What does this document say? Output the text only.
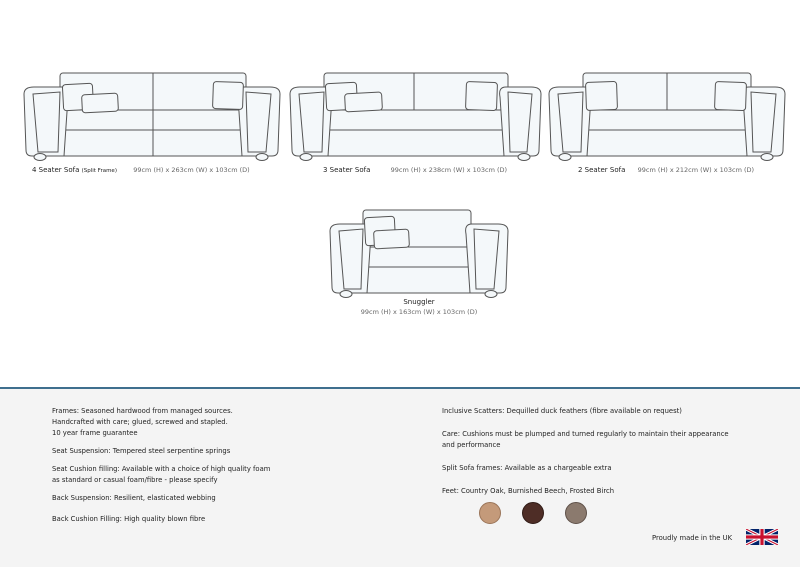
4 Seater Sofa (Split Frame) 99cm (H) x 263cm (W) x 103cm (D)	3 Seater Sofa	99cm (H) x 238cm (W) x 103cm (D)	2 Seater Sofa 99cm (H) x 212cm (W) x 103cm (D)
Snuggler
99cm (H) x 163cm (W) x 103cm (D)

Frames: Seasoned hardwood from managed sources.
Handcrafted with care; glued, screwed and stapled.
10 year frame guarantee

Seat Suspension: Tempered steel serpentine springs

Seat Cushion filling: Available with a choice of high quality foam
as standard or casual foam/fibre - please specify

Back Suspension: Resilient, elasticated webbing

Back Cushion Filling: High quality blown fibre

Inclusive Scatters: Dequilled duck feathers (fibre available on request)

Care: Cushions must be plumped and turned regularly to maintain their appearance
and performance

Split Sofa frames: Available as a chargeable extra

Feet: Country Oak, Burnished Beech, Frosted Birch

Proudly made in the UK
